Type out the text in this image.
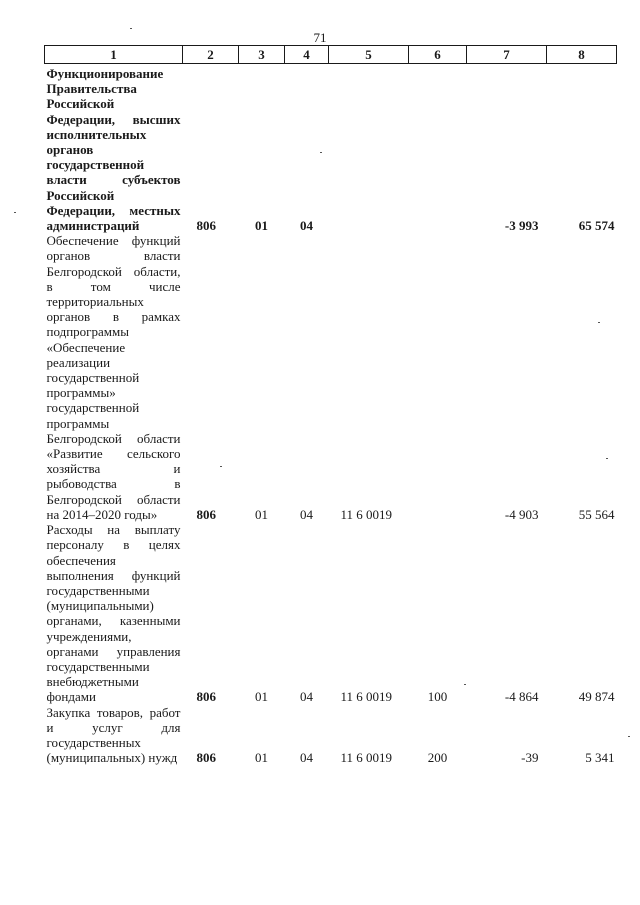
71
1	2	3	4	5	6	7	8

Функционирование Правительства Российской Федерации, высших исполнительных органов государственной власти субъектов Российской Федерации, местных администраций	806	01	04			-3 993	65 574

Обеспечение функций органов власти Белгородской области, в том числе территориальных органов в рамках подпрограммы «Обеспечение реализации государственной программы» государственной программы Белгородской области «Развитие сельского хозяйства и рыбоводства в Белгородской области на 2014–2020 годы»	806	01	04	11 6 0019		-4 903	55 564

Расходы на выплату персоналу в целях обеспечения выполнения функций государственными (муниципальными) органами, казенными учреждениями, органами управления государственными внебюджетными фондами	806	01	04	11 6 0019	100	-4 864	49 874

Закупка товаров, работ и услуг для государственных (муниципальных) нужд	806	01	04	11 6 0019	200	-39	5 341
